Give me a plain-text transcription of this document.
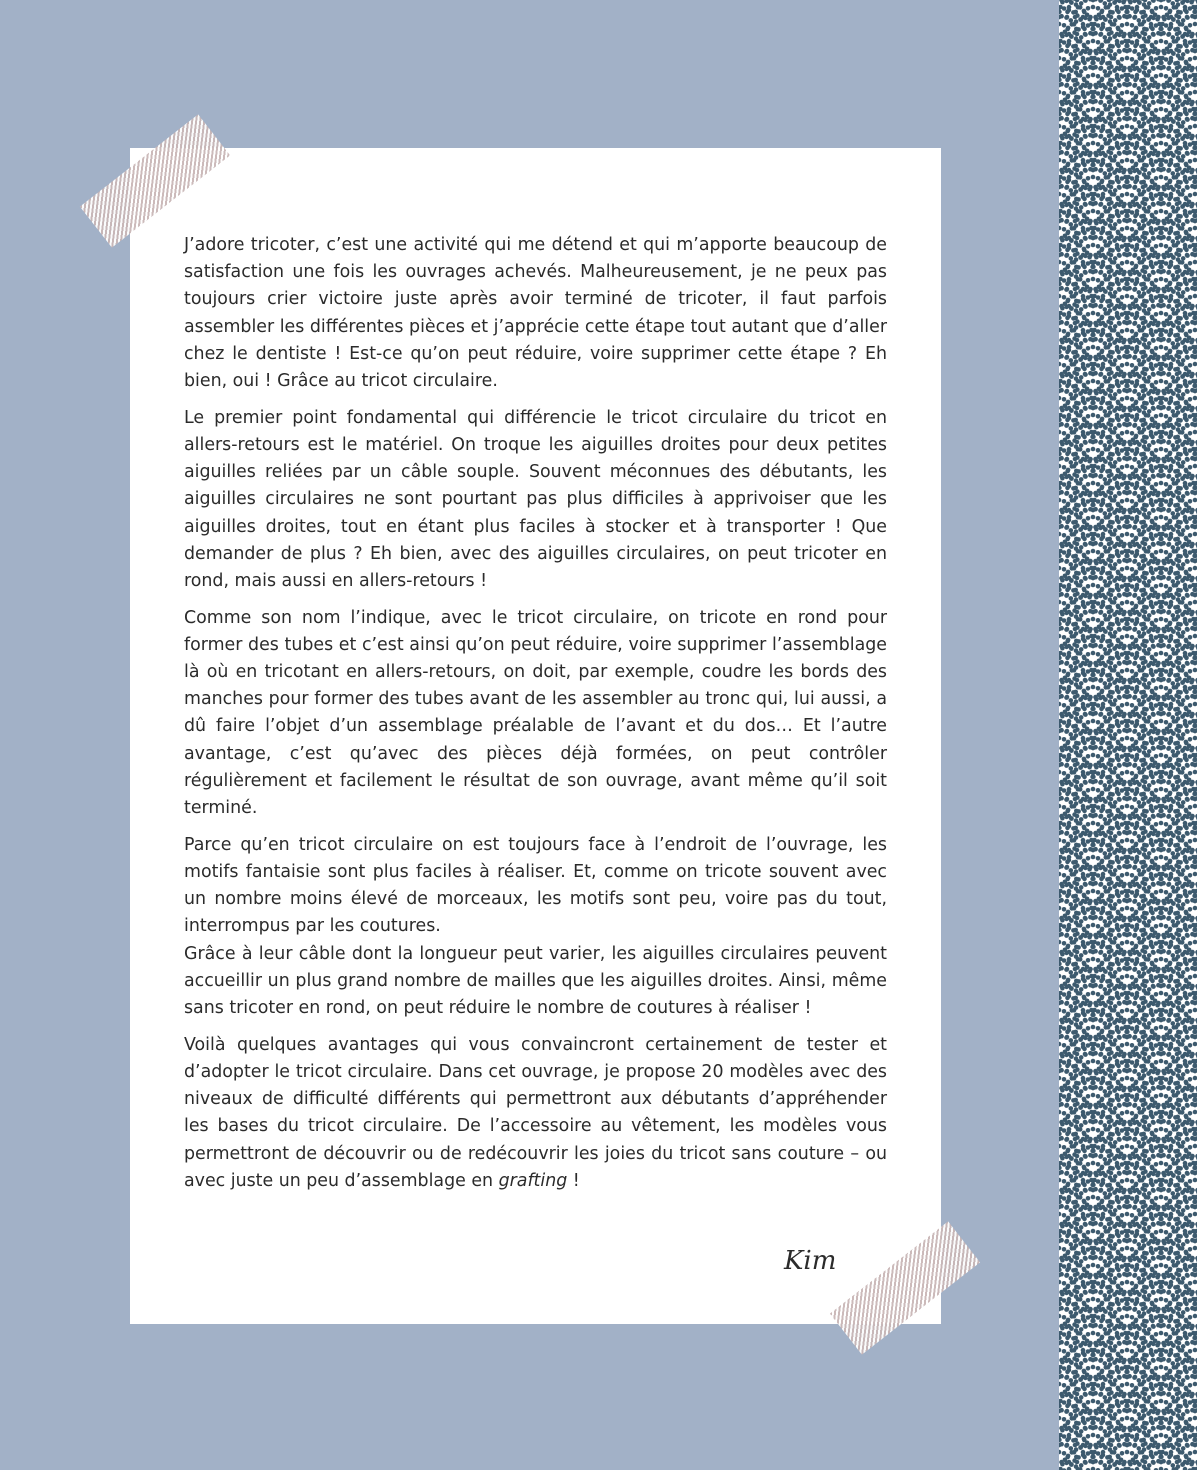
J’adore tricoter, c’est une activité qui me détend et qui m’apporte beaucoup de satisfaction une fois les ouvrages achevés. Malheureusement, je ne peux pas toujours crier victoire juste après avoir terminé de tricoter, il faut parfois assembler les différentes pièces et j’apprécie cette étape tout autant que d’aller chez le dentiste ! Est-ce qu’on peut réduire, voire supprimer cette étape ? Eh bien, oui ! Grâce au tricot circulaire.

Le premier point fondamental qui différencie le tricot circulaire du tricot en allers-retours est le matériel. On troque les aiguilles droites pour deux petites aiguilles reliées par un câble souple. Souvent méconnues des débutants, les aiguilles circulaires ne sont pourtant pas plus difficiles à apprivoiser que les aiguilles droites, tout en étant plus faciles à stocker et à transporter ! Que demander de plus ? Eh bien, avec des aiguilles circulaires, on peut tricoter en rond, mais aussi en allers-retours !

Comme son nom l’indique, avec le tricot circulaire, on tricote en rond pour former des tubes et c’est ainsi qu’on peut réduire, voire supprimer l’assemblage là où en tricotant en allers-retours, on doit, par exemple, coudre les bords des manches pour former des tubes avant de les assembler au tronc qui, lui aussi, a dû faire l’objet d’un assemblage préalable de l’avant et du dos… Et l’autre avantage, c’est qu’avec des pièces déjà formées, on peut contrôler régulièrement et facilement le résultat de son ouvrage, avant même qu’il soit terminé.

Parce qu’en tricot circulaire on est toujours face à l’endroit de l’ouvrage, les motifs fantaisie sont plus faciles à réaliser. Et, comme on tricote souvent avec un nombre moins élevé de morceaux, les motifs sont peu, voire pas du tout, interrompus par les coutures.

Grâce à leur câble dont la longueur peut varier, les aiguilles circulaires peuvent accueillir un plus grand nombre de mailles que les aiguilles droites. Ainsi, même sans tricoter en rond, on peut réduire le nombre de coutures à réaliser !

Voilà quelques avantages qui vous convaincront certainement de tester et d’adopter le tricot circulaire. Dans cet ouvrage, je propose 20 modèles avec des niveaux de difficulté différents qui permettront aux débutants d’appréhender les bases du tricot circulaire. De l’accessoire au vêtement, les modèles vous permettront de découvrir ou de redécouvrir les joies du tricot sans couture – ou avec juste un peu d’assemblage en grafting !

Kim
